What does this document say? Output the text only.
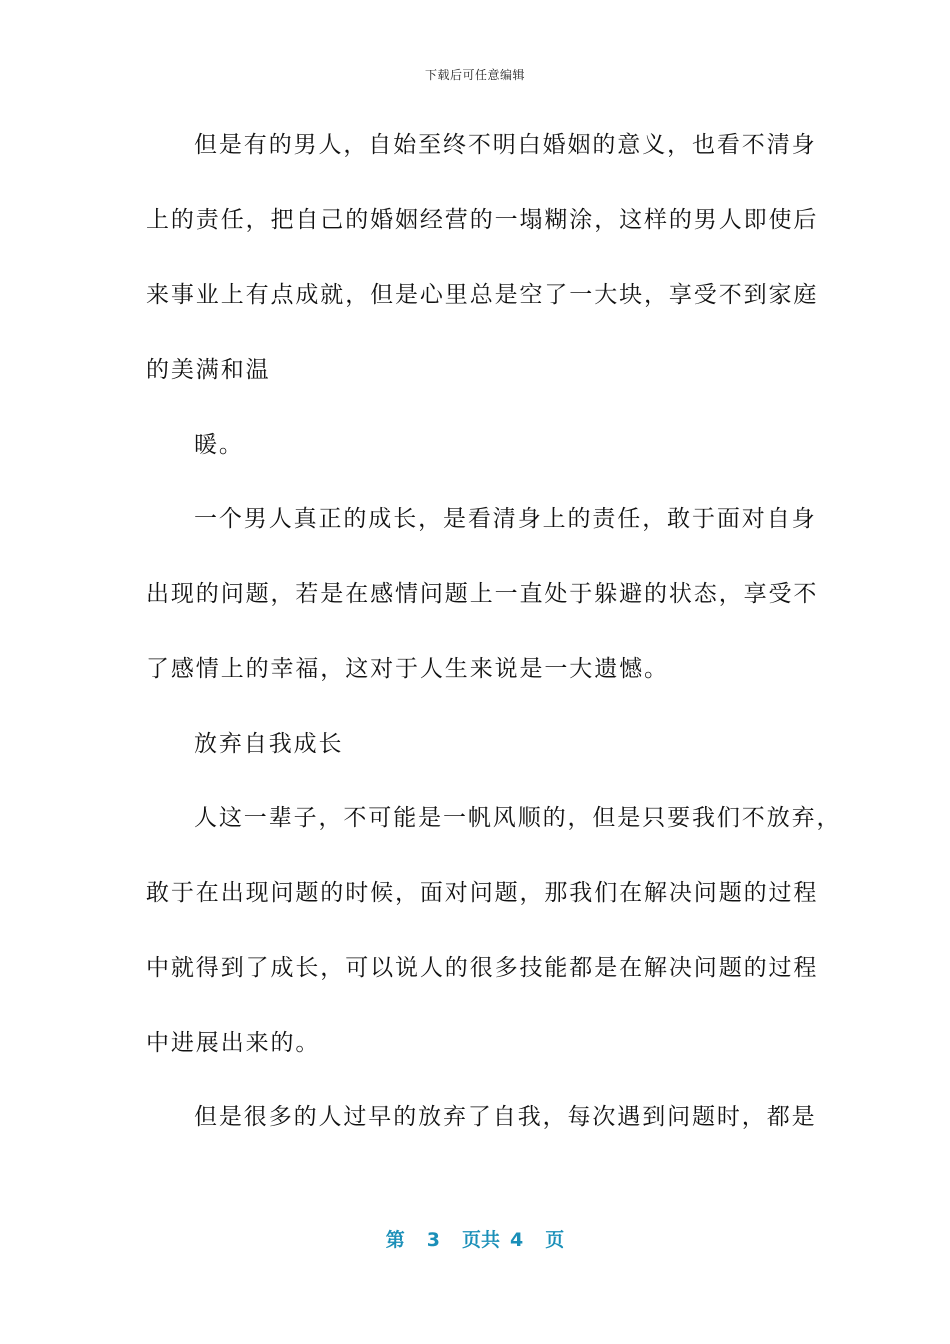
下载后可任意编辑
但是有的男人，自始至终不明白婚姻的意义，也看不清身
上的责任，把自己的婚姻经营的一塌糊涂，这样的男人即使后
来事业上有点成就，但是心里总是空了一大块，享受不到家庭
的美满和温
暖。
一个男人真正的成长，是看清身上的责任，敢于面对自身
出现的问题，若是在感情问题上一直处于躲避的状态，享受不
了感情上的幸福，这对于人生来说是一大遗憾。
放弃自我成长
人这一辈子，不可能是一帆风顺的，但是只要我们不放弃，
敢于在出现问题的时候，面对问题，那我们在解决问题的过程
中就得到了成长，可以说人的很多技能都是在解决问题的过程
中进展出来的。
但是很多的人过早的放弃了自我，每次遇到问题时，都是
第 3 页共 4 页
